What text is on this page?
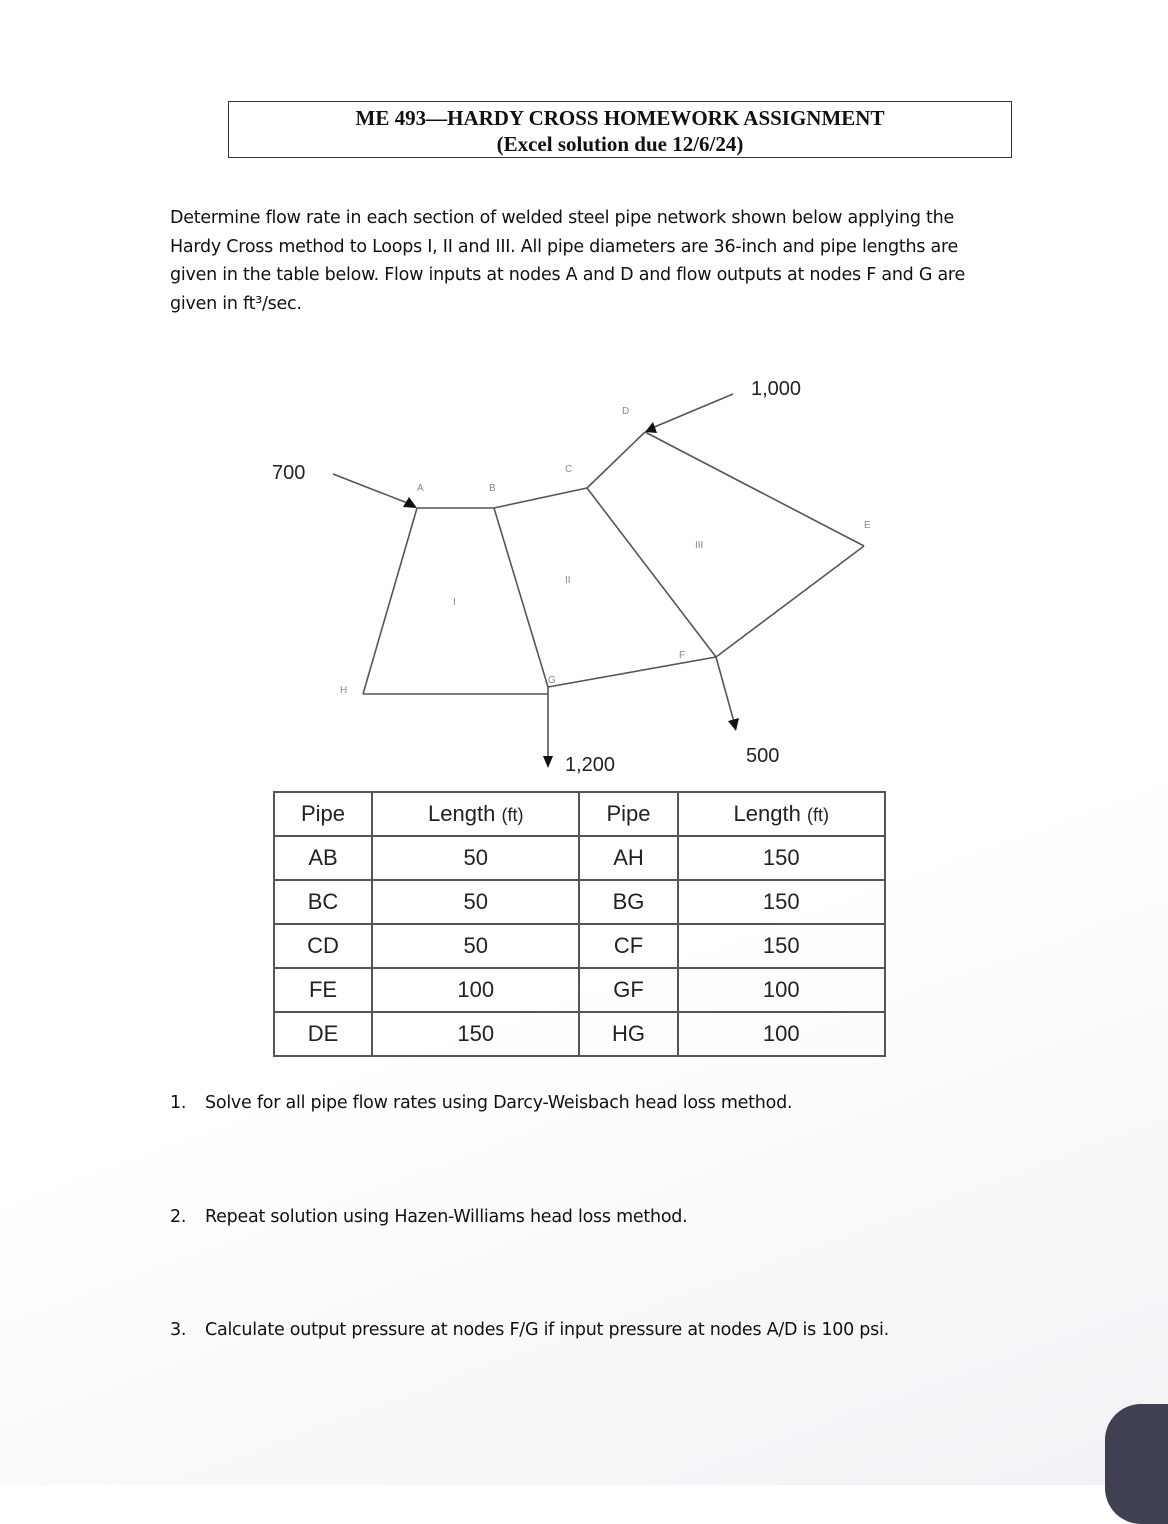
ME 493—HARDY CROSS HOMEWORK ASSIGNMENT
(Excel solution due 12/6/24)
Determine flow rate in each section of welded steel pipe network shown below applying the
Hardy Cross method to Loops I, II and III. All pipe diameters are 36-inch and pipe lengths are
given in the table below. Flow inputs at nodes A and D and flow outputs at nodes F and G are
given in ft³/sec.
A	B
C
D
E
F
G
H
I
II
III
700
1,000
1,200	500
Pipe	Length (ft)	Pipe	Length (ft)
AB	50	AH	150
BC	50	BG	150
CD	50	CF	150
FE	100	GF	100
DE	150	HG	100
1. Solve for all pipe flow rates using Darcy-Weisbach head loss method.
2. Repeat solution using Hazen-Williams head loss method.
3. Calculate output pressure at nodes F/G if input pressure at nodes A/D is 100 psi.
